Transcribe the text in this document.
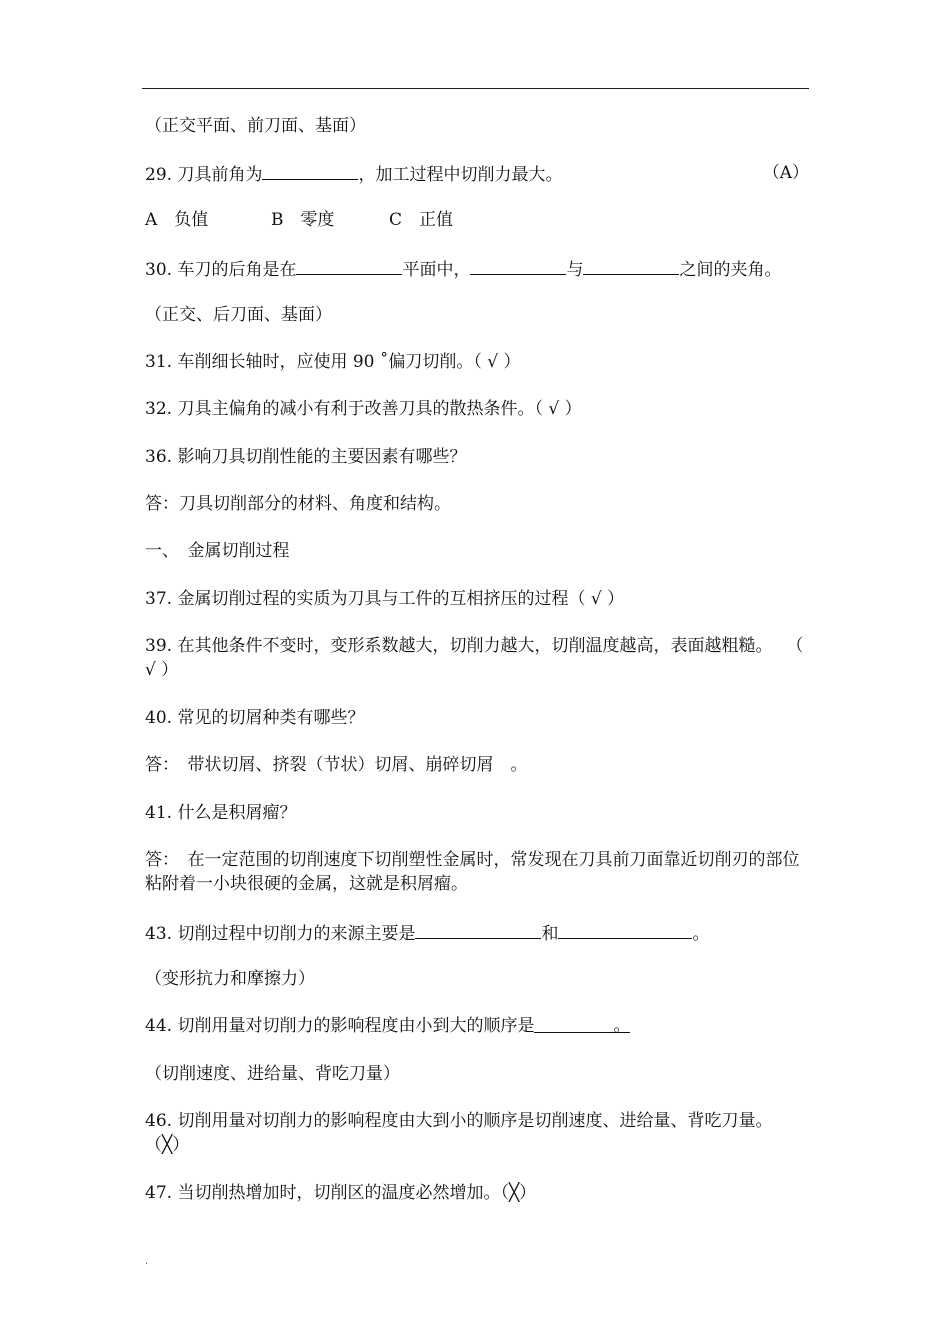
（正交平面、前刀面、基面）
29. 刀具前角为	，加工过程中切削力最大。	（A）
A　负值	B　零度	C　正值
30. 车刀的后角是在	平面中，	与	之间的夹角。
（正交、后刀面、基面）
31. 车削细长轴时，应使用 90 ˚偏刀切削。（ √ ）
32. 刀具主偏角的减小有利于改善刀具的散热条件。（ √ ）
36. 影响刀具切削性能的主要因素有哪些？
答：刀具切削部分的材料、角度和结构。
一、　金属切削过程
37. 金属切削过程的实质为刀具与工件的互相挤压的过程（ √ ）
39. 在其他条件不变时，变形系数越大，切削力越大，切削温度越高，表面越粗糙。　 （ √ ）
40. 常见的切屑种类有哪些？
答：　带状切屑、挤裂（节状）切屑、崩碎切屑　。
41. 什么是积屑瘤？
答：　在一定范围的切削速度下切削塑性金属时，常发现在刀具前刀面靠近切削刃的部位粘附着一小块很硬的金属，这就是积屑瘤。
43. 切削过程中切削力的来源主要是	和	。
（变形抗力和摩擦力）
44. 切削用量对切削力的影响程度由小到大的顺序是	。
（切削速度、进给量、背吃刀量）
46. 切削用量对切削力的影响程度由大到小的顺序是切削速度、进给量、背吃刀量。　 （╳）
47. 当切削热增加时，切削区的温度必然增加。（╳）
.
